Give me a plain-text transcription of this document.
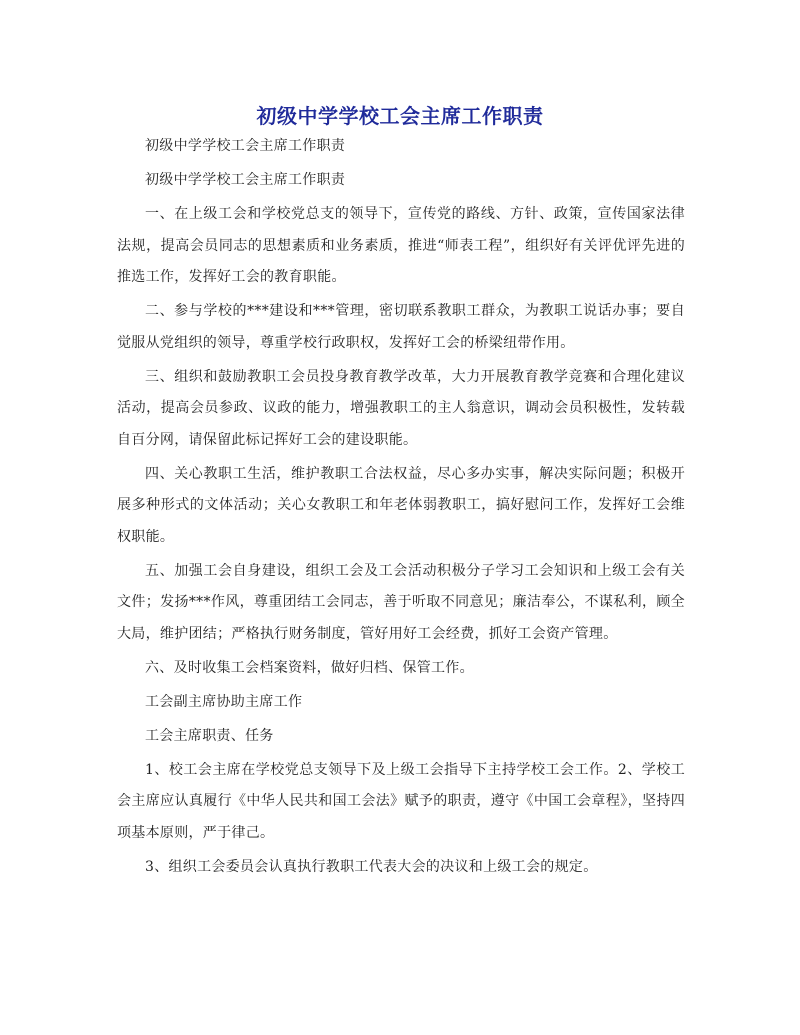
初级中学学校工会主席工作职责

初级中学学校工会主席工作职责

初级中学学校工会主席工作职责

一、在上级工会和学校党总支的领导下，宣传党的路线、方针、政策，宣传国家法律法规，提高会员同志的思想素质和业务素质，推进“师表工程”，组织好有关评优评先进的推选工作，发挥好工会的教育职能。

二、参与学校的***建设和***管理，密切联系教职工群众，为教职工说话办事；要自觉服从党组织的领导，尊重学校行政职权，发挥好工会的桥梁纽带作用。

三、组织和鼓励教职工会员投身教育教学改革，大力开展教育教学竞赛和合理化建议活动，提高会员参政、议政的能力，增强教职工的主人翁意识，调动会员积极性，发转载自百分网，请保留此标记挥好工会的建设职能。

四、关心教职工生活，维护教职工合法权益，尽心多办实事，解决实际问题；积极开展多种形式的文体活动；关心女教职工和年老体弱教职工，搞好慰问工作，发挥好工会维权职能。

五、加强工会自身建设，组织工会及工会活动积极分子学习工会知识和上级工会有关文件；发扬***作风，尊重团结工会同志，善于听取不同意见；廉洁奉公，不谋私利，顾全大局，维护团结；严格执行财务制度，管好用好工会经费，抓好工会资产管理。

六、及时收集工会档案资料，做好归档、保管工作。

工会副主席协助主席工作

工会主席职责、任务

1、校工会主席在学校党总支领导下及上级工会指导下主持学校工会工作。2、学校工会主席应认真履行《中华人民共和国工会法》赋予的职责，遵守《中国工会章程》，坚持四项基本原则，严于律己。

3、组织工会委员会认真执行教职工代表大会的决议和上级工会的规定。
